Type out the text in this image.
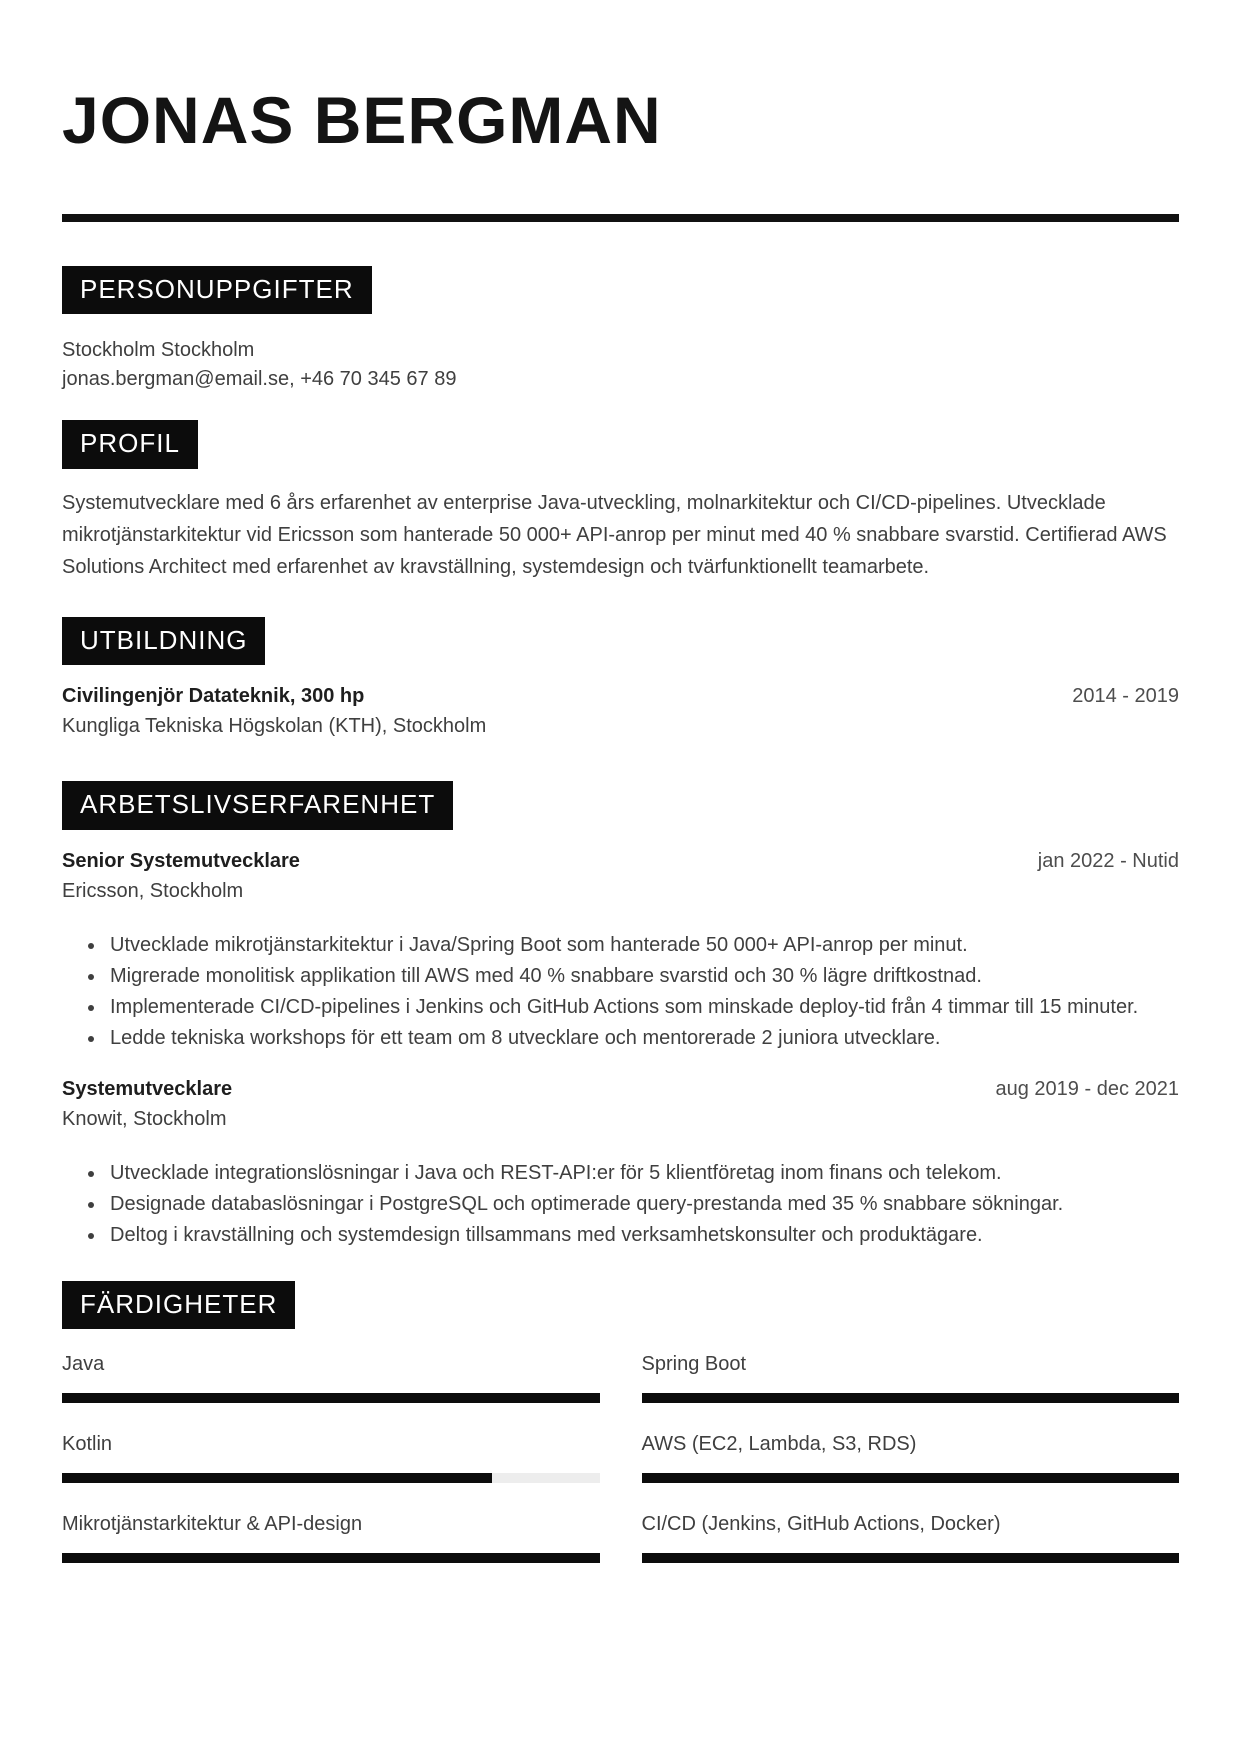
JONAS BERGMAN
PERSONUPPGIFTER

Stockholm Stockholm
jonas.bergman@email.se, +46 70 345 67 89

PROFIL

Systemutvecklare med 6 års erfarenhet av enterprise Java-utveckling, molnarkitektur och CI/CD-pipelines. Utvecklade mikrotjänstarkitektur vid Ericsson som hanterade 50 000+ API-anrop per minut med 40 % snabbare svarstid. Certifierad AWS Solutions Architect med erfarenhet av kravställning, systemdesign och tvärfunktionellt teamarbete.

UTBILDNING
Civilingenjör Datateknik, 300 hp	2014 - 2019
Kungliga Tekniska Högskolan (KTH), Stockholm
ARBETSLIVSERFARENHET
Senior Systemutvecklare	jan 2022 - Nutid
Ericsson, Stockholm
• Utvecklade mikrotjänstarkitektur i Java/Spring Boot som hanterade 50 000+ API-anrop per minut.
• Migrerade monolitisk applikation till AWS med 40 % snabbare svarstid och 30 % lägre driftkostnad.
• Implementerade CI/CD-pipelines i Jenkins och GitHub Actions som minskade deploy-tid från 4 timmar till 15 minuter.
• Ledde tekniska workshops för ett team om 8 utvecklare och mentorerade 2 juniora utvecklare.
Systemutvecklare	aug 2019 - dec 2021
Knowit, Stockholm
• Utvecklade integrationslösningar i Java och REST-API:er för 5 klientföretag inom finans och telekom.
• Designade databaslösningar i PostgreSQL och optimerade query-prestanda med 35 % snabbare sökningar.
• Deltog i kravställning och systemdesign tillsammans med verksamhetskonsulter och produktägare.
FÄRDIGHETER
Java	Spring Boot
Kotlin	AWS (EC2, Lambda, S3, RDS)
Mikrotjänstarkitektur & API-design	CI/CD (Jenkins, GitHub Actions, Docker)
